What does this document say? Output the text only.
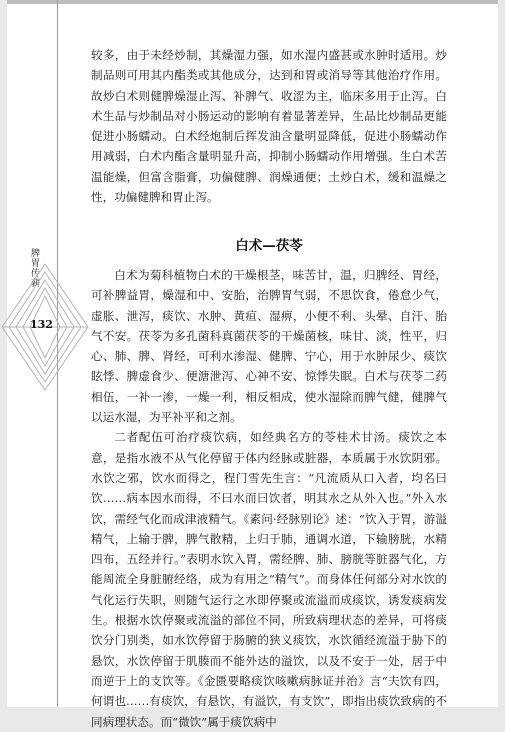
脾胃传薪
132

较多，由于未经炒制，其燥湿力强，如水湿内盛甚或水肿时适用。炒制品则可用其内酯类或其他成分，达到和胃或消导等其他治疗作用。故炒白术则健脾燥湿止泻、补脾气、收涩为主，临床多用于止泻。白术生品与炒制品对小肠运动的影响有着显著差异，生品比炒制品更能促进小肠蠕动。白术经炮制后挥发油含量明显降低，促进小肠蠕动作用减弱，白术内酯含量明显升高，抑制小肠蠕动作用增强。生白术苦温能燥，但富含脂膏，功偏健脾、润燥通便；土炒白术，缓和温燥之性，功偏健脾和胃止泻。

白术—茯苓

白术为菊科植物白术的干燥根茎，味苦甘，温，归脾经、胃经，可补脾益胃，燥湿和中、安胎，治脾胃气弱，不思饮食，倦怠少气，虚胀、泄泻，痰饮、水肿、黄疸、湿痹，小便不利、头晕、自汗、胎气不安。茯苓为多孔菌科真菌茯苓的干燥菌核，味甘、淡，性平，归心、肺、脾、肾经，可利水渗湿、健脾、宁心，用于水肿尿少、痰饮眩悸、脾虚食少、便溏泄泻、心神不安、惊悸失眠。白术与茯苓二药相伍，一补一渗，一燥一利，相反相成，使水湿除而脾气健，健脾气以运水湿，为平补平和之剂。

二者配伍可治疗痰饮病，如经典名方的苓桂术甘汤。痰饮之本意，是指水液不从气化停留于体内经脉或脏器，本质属于水饮阴邪。水饮之邪，饮水而得之，程门雪先生言：“凡流质从口入者，均名曰饮……病本因水而得，不曰水而曰饮者，明其水之从外入也。”外入水饮，需经气化而成津液精气。《素问·经脉别论》述：“饮入于胃，游溢精气，上输于脾，脾气散精，上归于肺，通调水道，下输膀胱，水精四布，五经并行。”表明水饮入胃，需经脾、肺、膀胱等脏器气化，方能周流全身脏腑经络，成为有用之“精气”。而身体任何部分对水饮的气化运行失职，则随气运行之水即停聚或流溢而成痰饮，诱发痰病发生。根据水饮停聚或流溢的部位不同，所致病理状态的差异，可将痰饮分门别类，如水饮停留于肠腑的狭义痰饮，水饮循经流溢于胁下的悬饮，水饮停留于肌腠而不能外达的溢饮，以及不安于一处，居于中而逆于上的支饮等。《金匮要略痰饮咳嗽病脉证并治》言“夫饮有四，何谓也……有痰饮，有悬饮，有溢饮，有支饮”，即指出痰饮致病的不同病理状态。而“微饮”属于痰饮病中
